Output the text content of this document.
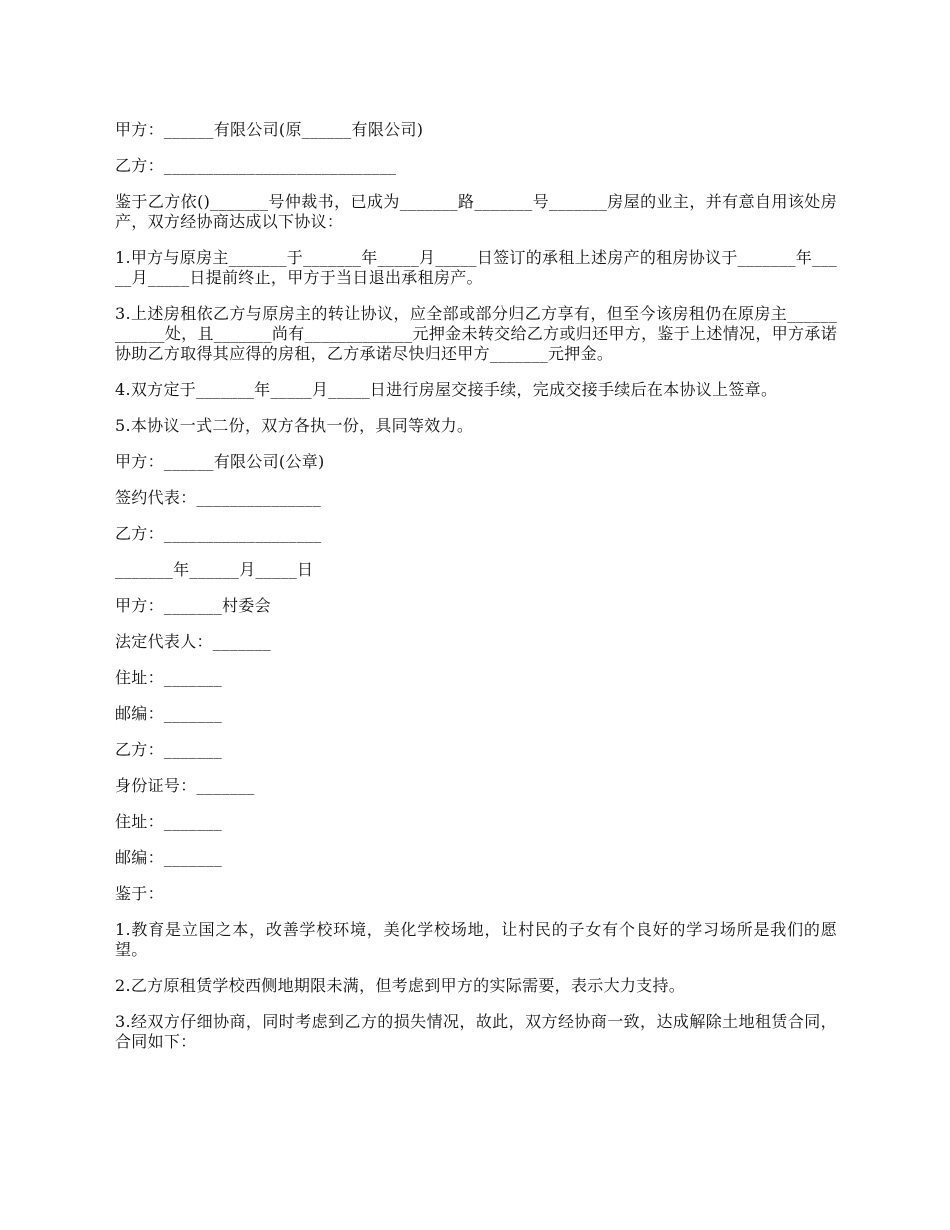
甲方：______有限公司(原______有限公司)

乙方：____________________________

鉴于乙方依()_______号仲裁书，已成为_______路_______号_______房屋的业主，并有意自用该处房产，双方经协商达成以下协议：

1.甲方与原房主_______于_______年_____月_____日签订的承租上述房产的租房协议于_______年_____月_____日提前终止，甲方于当日退出承租房产。

3.上述房租依乙方与原房主的转让协议，应全部或部分归乙方享有，但至今该房租仍在原房主____________处，且_______尚有_____________元押金未转交给乙方或归还甲方，鉴于上述情况，甲方承诺协助乙方取得其应得的房租，乙方承诺尽快归还甲方_______元押金。

4.双方定于_______年_____月_____日进行房屋交接手续，完成交接手续后在本协议上签章。

5.本协议一式二份，双方各执一份，具同等效力。

甲方：______有限公司(公章)

签约代表：_______________

乙方：___________________

_______年______月_____日

甲方：_______村委会

法定代表人：_______

住址：_______

邮编：_______

乙方：_______

身份证号：_______

住址：_______

邮编：_______

鉴于：

1.教育是立国之本，改善学校环境，美化学校场地，让村民的子女有个良好的学习场所是我们的愿望。

2.乙方原租赁学校西侧地期限未满，但考虑到甲方的实际需要，表示大力支持。

3.经双方仔细协商，同时考虑到乙方的损失情况，故此，双方经协商一致，达成解除土地租赁合同，合同如下：
